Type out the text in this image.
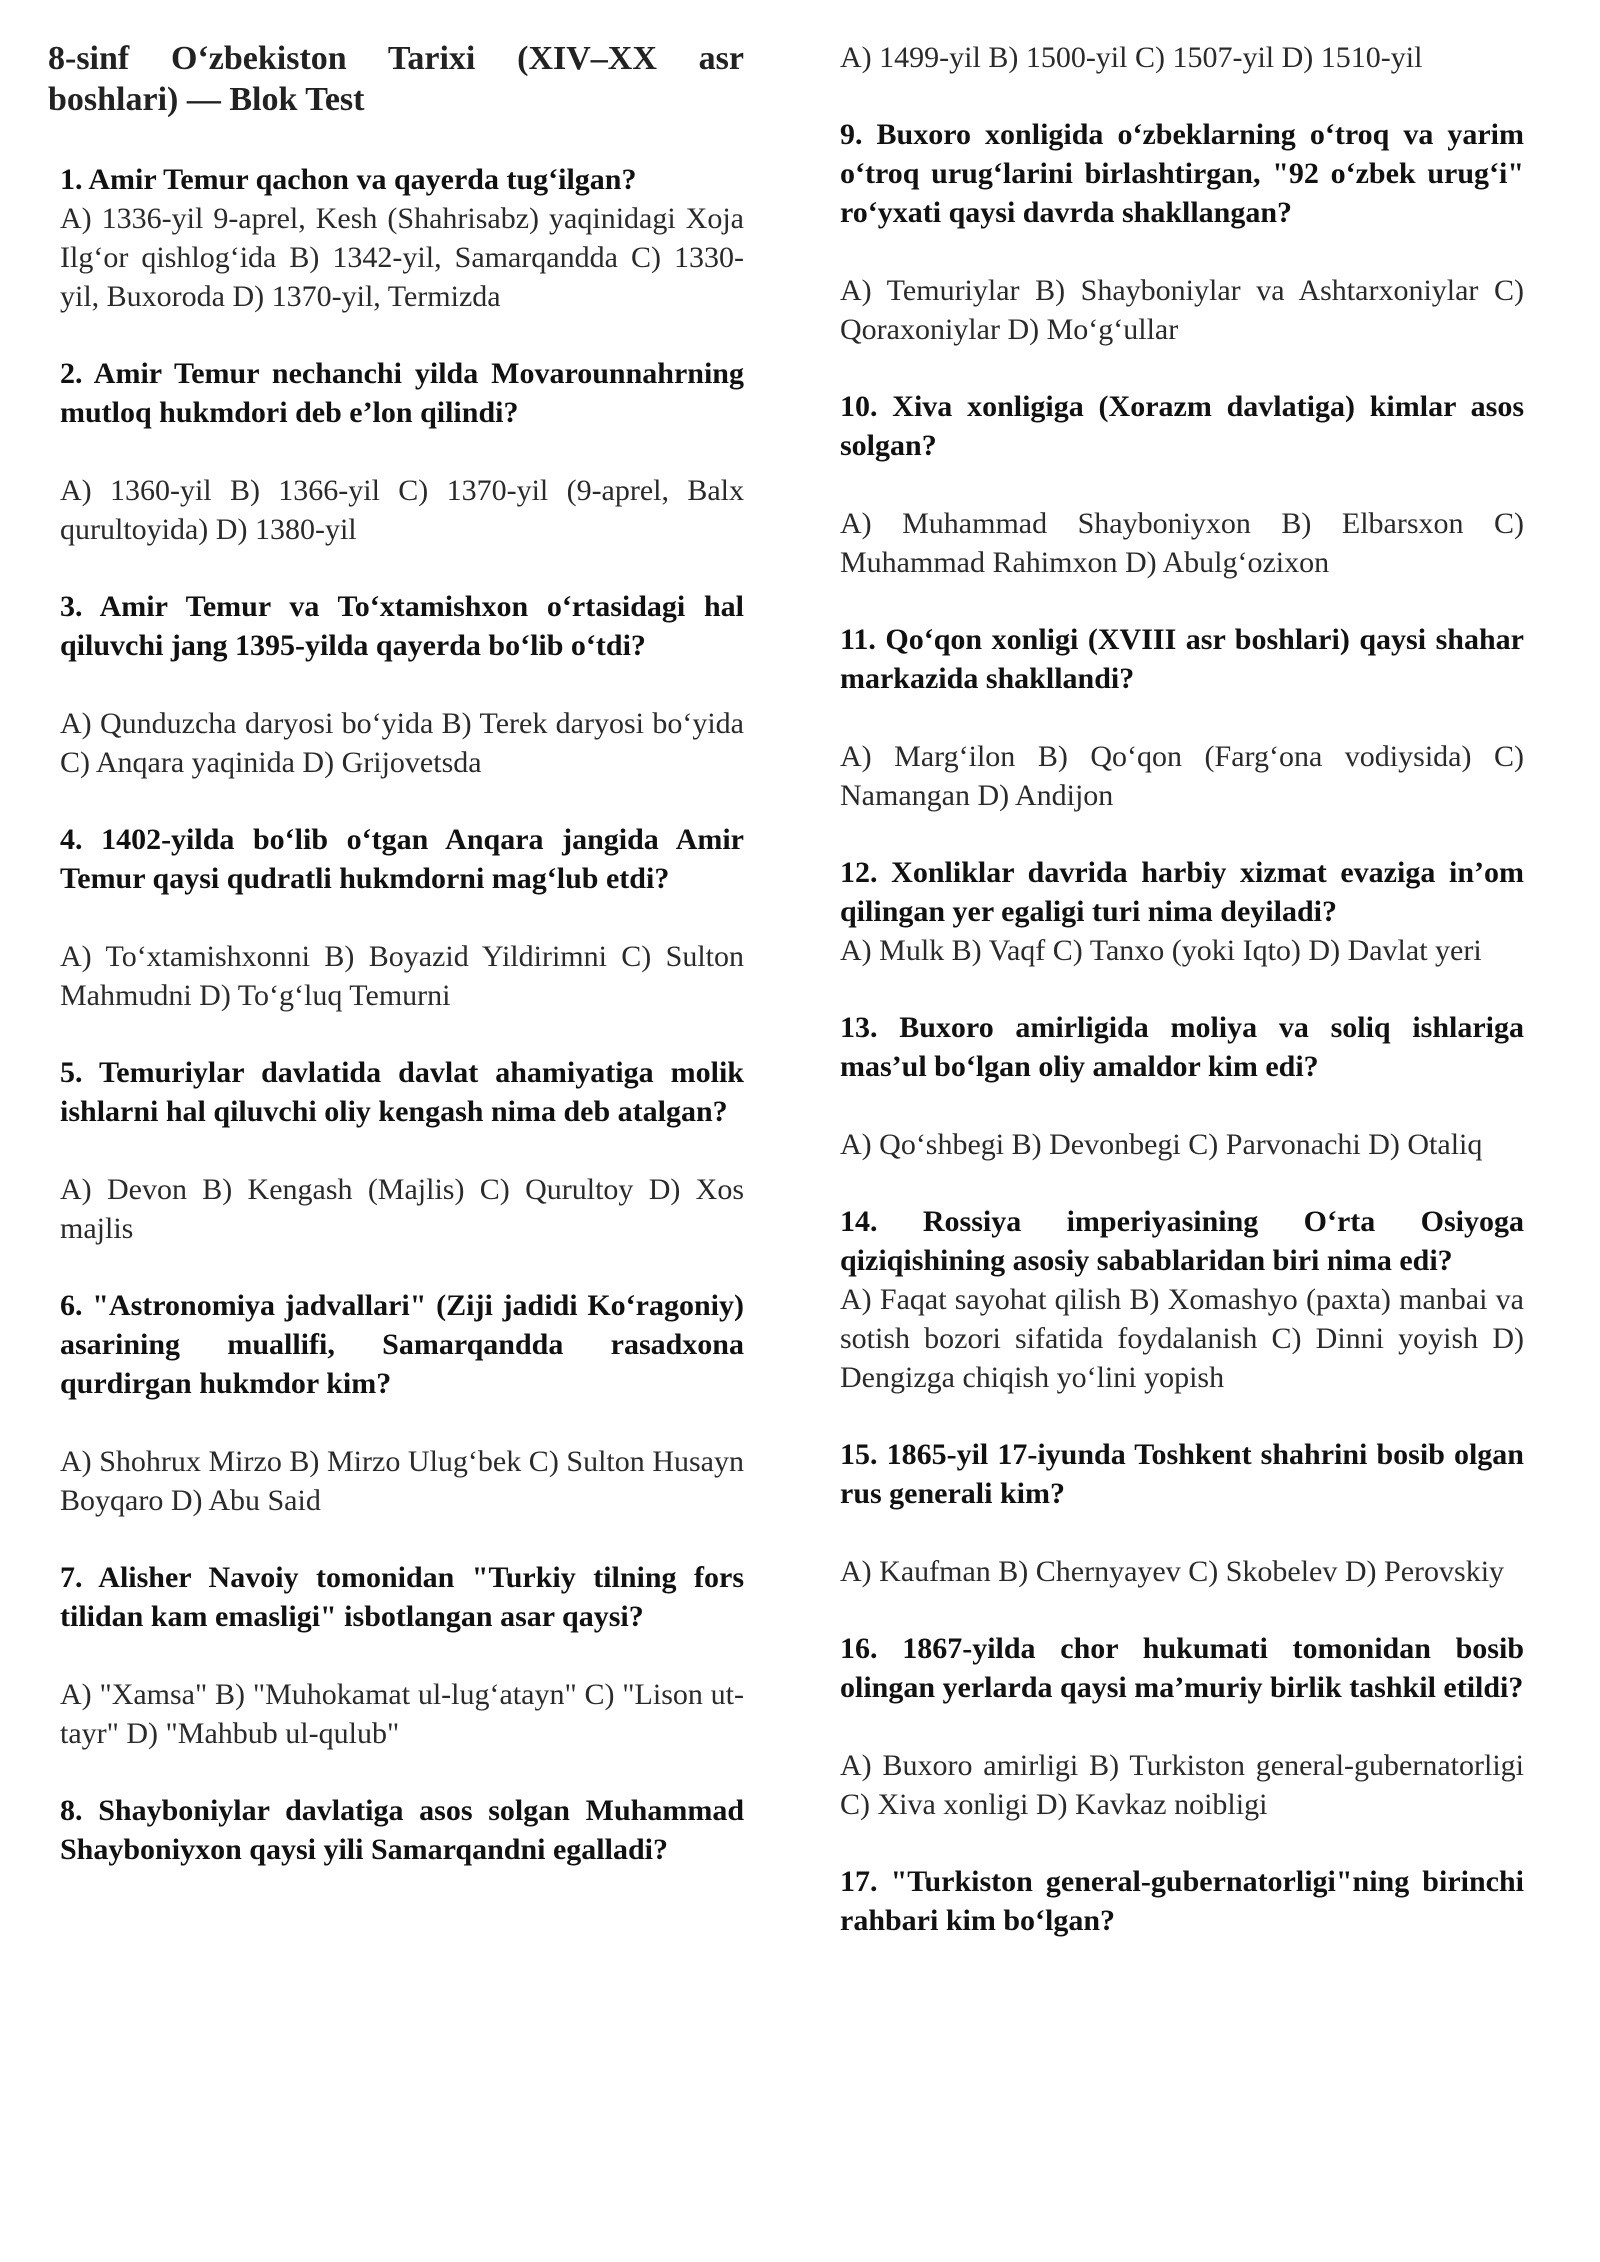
8-sinf O‘zbekiston Tarixi (XIV–XX asr boshlari) — Blok Test

1. Amir Temur qachon va qayerda tug‘ilgan?

A) 1336-yil 9-aprel, Kesh (Shahrisabz) yaqinidagi Xoja Ilg‘or qishlog‘ida B) 1342-yil, Samarqandda C) 1330-yil, Buxoroda D) 1370-yil, Termizda

2. Amir Temur nechanchi yilda Movarounnahrning mutloq hukmdori deb e’lon qilindi?

A) 1360-yil B) 1366-yil C) 1370-yil (9-aprel, Balx qurultoyida) D) 1380-yil

3. Amir Temur va To‘xtamishxon o‘rtasidagi hal qiluvchi jang 1395-yilda qayerda bo‘lib o‘tdi?

A) Qunduzcha daryosi bo‘yida B) Terek daryosi bo‘yida C) Anqara yaqinida D) Grijovetsda

4. 1402-yilda bo‘lib o‘tgan Anqara jangida Amir Temur qaysi qudratli hukmdorni mag‘lub etdi?

A) To‘xtamishxonni B) Boyazid Yildirimni C) Sulton Mahmudni D) To‘g‘luq Temurni

5. Temuriylar davlatida davlat ahamiyatiga molik ishlarni hal qiluvchi oliy kengash nima deb atalgan?

A) Devon B) Kengash (Majlis) C) Qurultoy D) Xos majlis

6. "Astronomiya jadvallari" (Ziji jadidi Ko‘ragoniy) asarining muallifi, Samarqandda rasadxona qurdirgan hukmdor kim?

A) Shohrux Mirzo B) Mirzo Ulug‘bek C) Sulton Husayn Boyqaro D) Abu Said

7. Alisher Navoiy tomonidan "Turkiy tilning fors tilidan kam emasligi" isbotlangan asar qaysi?

A) "Xamsa" B) "Muhokamat ul-lug‘atayn" C) "Lison ut-tayr" D) "Mahbub ul-qulub"

8. Shayboniylar davlatiga asos solgan Muhammad Shayboniyxon qaysi yili Samarqandni egalladi?

A) 1499-yil B) 1500-yil C) 1507-yil D) 1510-yil

9. Buxoro xonligida o‘zbeklarning o‘troq va yarim o‘troq urug‘larini birlashtirgan, "92 o‘zbek urug‘i" ro‘yxati qaysi davrda shakllangan?

A) Temuriylar B) Shayboniylar va Ashtarxoniylar C) Qoraxoniylar D) Mo‘g‘ullar

10. Xiva xonligiga (Xorazm davlatiga) kimlar asos solgan?

A) Muhammad Shayboniyxon B) Elbarsxon C) Muhammad Rahimxon D) Abulg‘ozixon

11. Qo‘qon xonligi (XVIII asr boshlari) qaysi shahar markazida shakllandi?

A) Marg‘ilon B) Qo‘qon (Farg‘ona vodiysida) C) Namangan D) Andijon

12. Xonliklar davrida harbiy xizmat evaziga in’om qilingan yer egaligi turi nima deyiladi?

A) Mulk B) Vaqf C) Tanxo (yoki Iqto) D) Davlat yeri

13. Buxoro amirligida moliya va soliq ishlariga mas’ul bo‘lgan oliy amaldor kim edi?

A) Qo‘shbegi B) Devonbegi C) Parvonachi D) Otaliq

14. Rossiya imperiyasining O‘rta Osiyoga qiziqishining asosiy sabablaridan biri nima edi?

A) Faqat sayohat qilish B) Xomashyo (paxta) manbai va sotish bozori sifatida foydalanish C) Dinni yoyish D) Dengizga chiqish yo‘lini yopish

15. 1865-yil 17-iyunda Toshkent shahrini bosib olgan rus generali kim?

A) Kaufman B) Chernyayev C) Skobelev D) Perovskiy

16. 1867-yilda chor hukumati tomonidan bosib olingan yerlarda qaysi ma’muriy birlik tashkil etildi?

A) Buxoro amirligi B) Turkiston general-gubernatorligi C) Xiva xonligi D) Kavkaz noibligi

17. "Turkiston general-gubernatorligi"ning birinchi rahbari kim bo‘lgan?
